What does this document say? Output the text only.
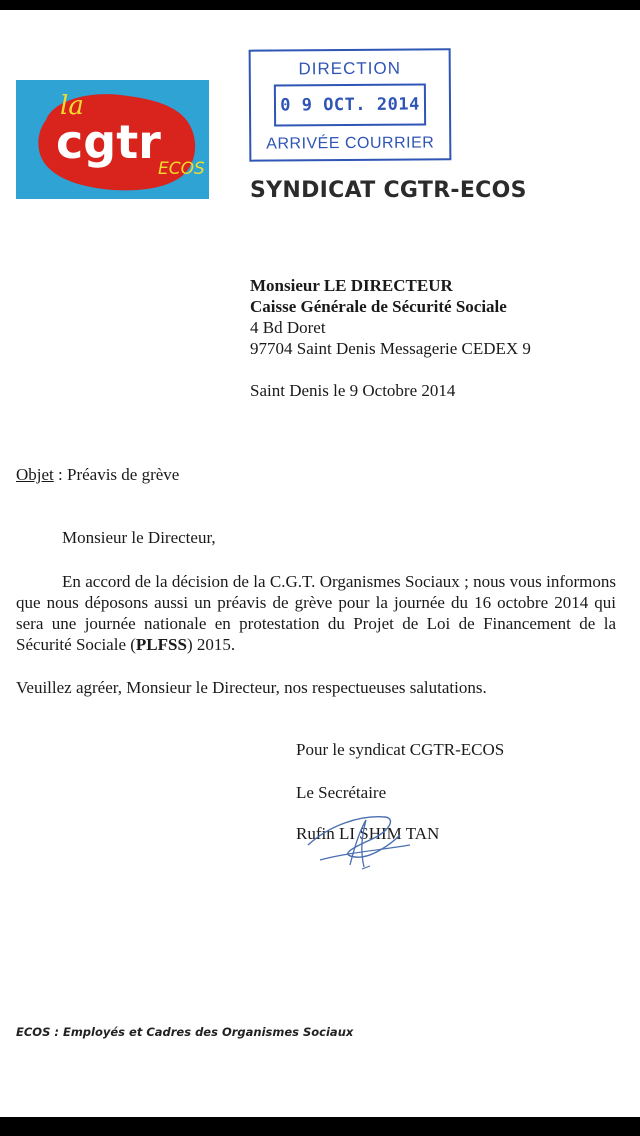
la
cgtr
ECOS
DIRECTION
0 9 OCT. 2014
ARRIVÉE COURRIER
SYNDICAT CGTR-ECOS
Monsieur LE DIRECTEUR
Caisse Générale de Sécurité Sociale
4 Bd Doret
97704 Saint Denis Messagerie CEDEX 9
Saint Denis le 9 Octobre 2014
Objet : Préavis de grève
Monsieur le Directeur,
En accord de la décision de la C.G.T. Organismes Sociaux ; nous vous informons que nous déposons aussi un préavis de grève pour la journée du 16 octobre 2014 qui sera une journée nationale en protestation du Projet de Loi de Financement de la Sécurité Sociale (PLFSS) 2015.
Veuillez agréer, Monsieur le Directeur, nos respectueuses salutations.
Pour le syndicat CGTR-ECOS
Le Secrétaire
Rufin LI SHIM TAN
ECOS : Employés et Cadres des Organismes Sociaux
